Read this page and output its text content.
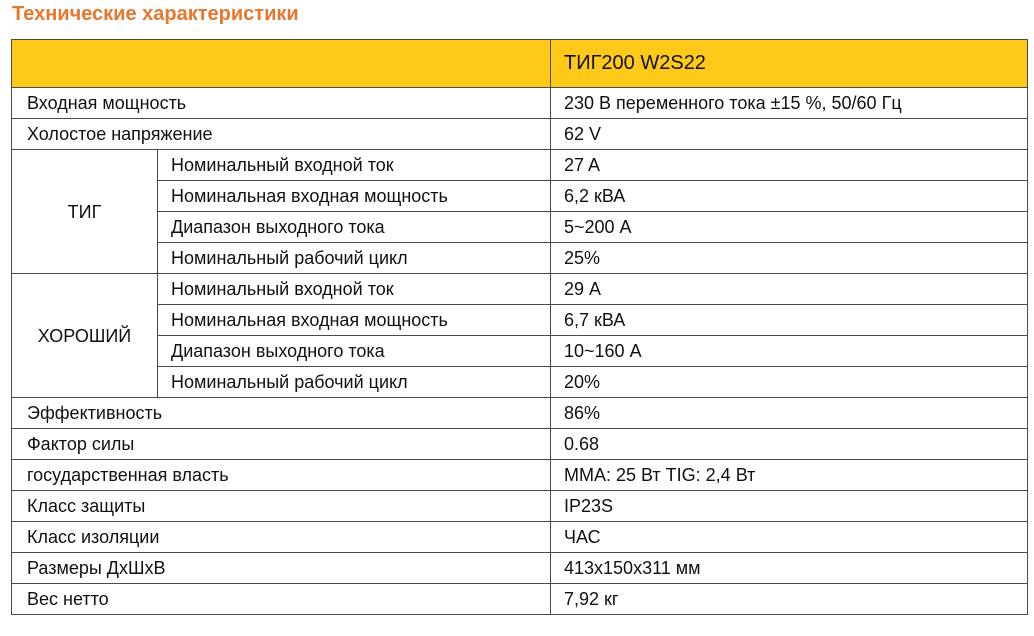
Технические характеристики
		ТИГ200 W2S22
Входная мощность		230 В переменного тока ±15 %, 50/60 Гц
Холостое напряжение		62 V
ТИГ	Номинальный входной ток	27 A
	Номинальная входная мощность	6,2 кВА
	Диапазон выходного тока	5~200 А
	Номинальный рабочий цикл	25%
ХОРОШИЙ	Номинальный входной ток	29 А
	Номинальная входная мощность	6,7 кВА
	Диапазон выходного тока	10~160 А
	Номинальный рабочий цикл	20%
Эффективность		86%
Фактор силы		0.68
государственная власть		MMA: 25 Вт TIG: 2,4 Вт
Класс защиты		IP23S
Класс изоляции		ЧАС
Размеры ДхШхВ		413x150x311 мм
Вес нетто		7,92 кг
